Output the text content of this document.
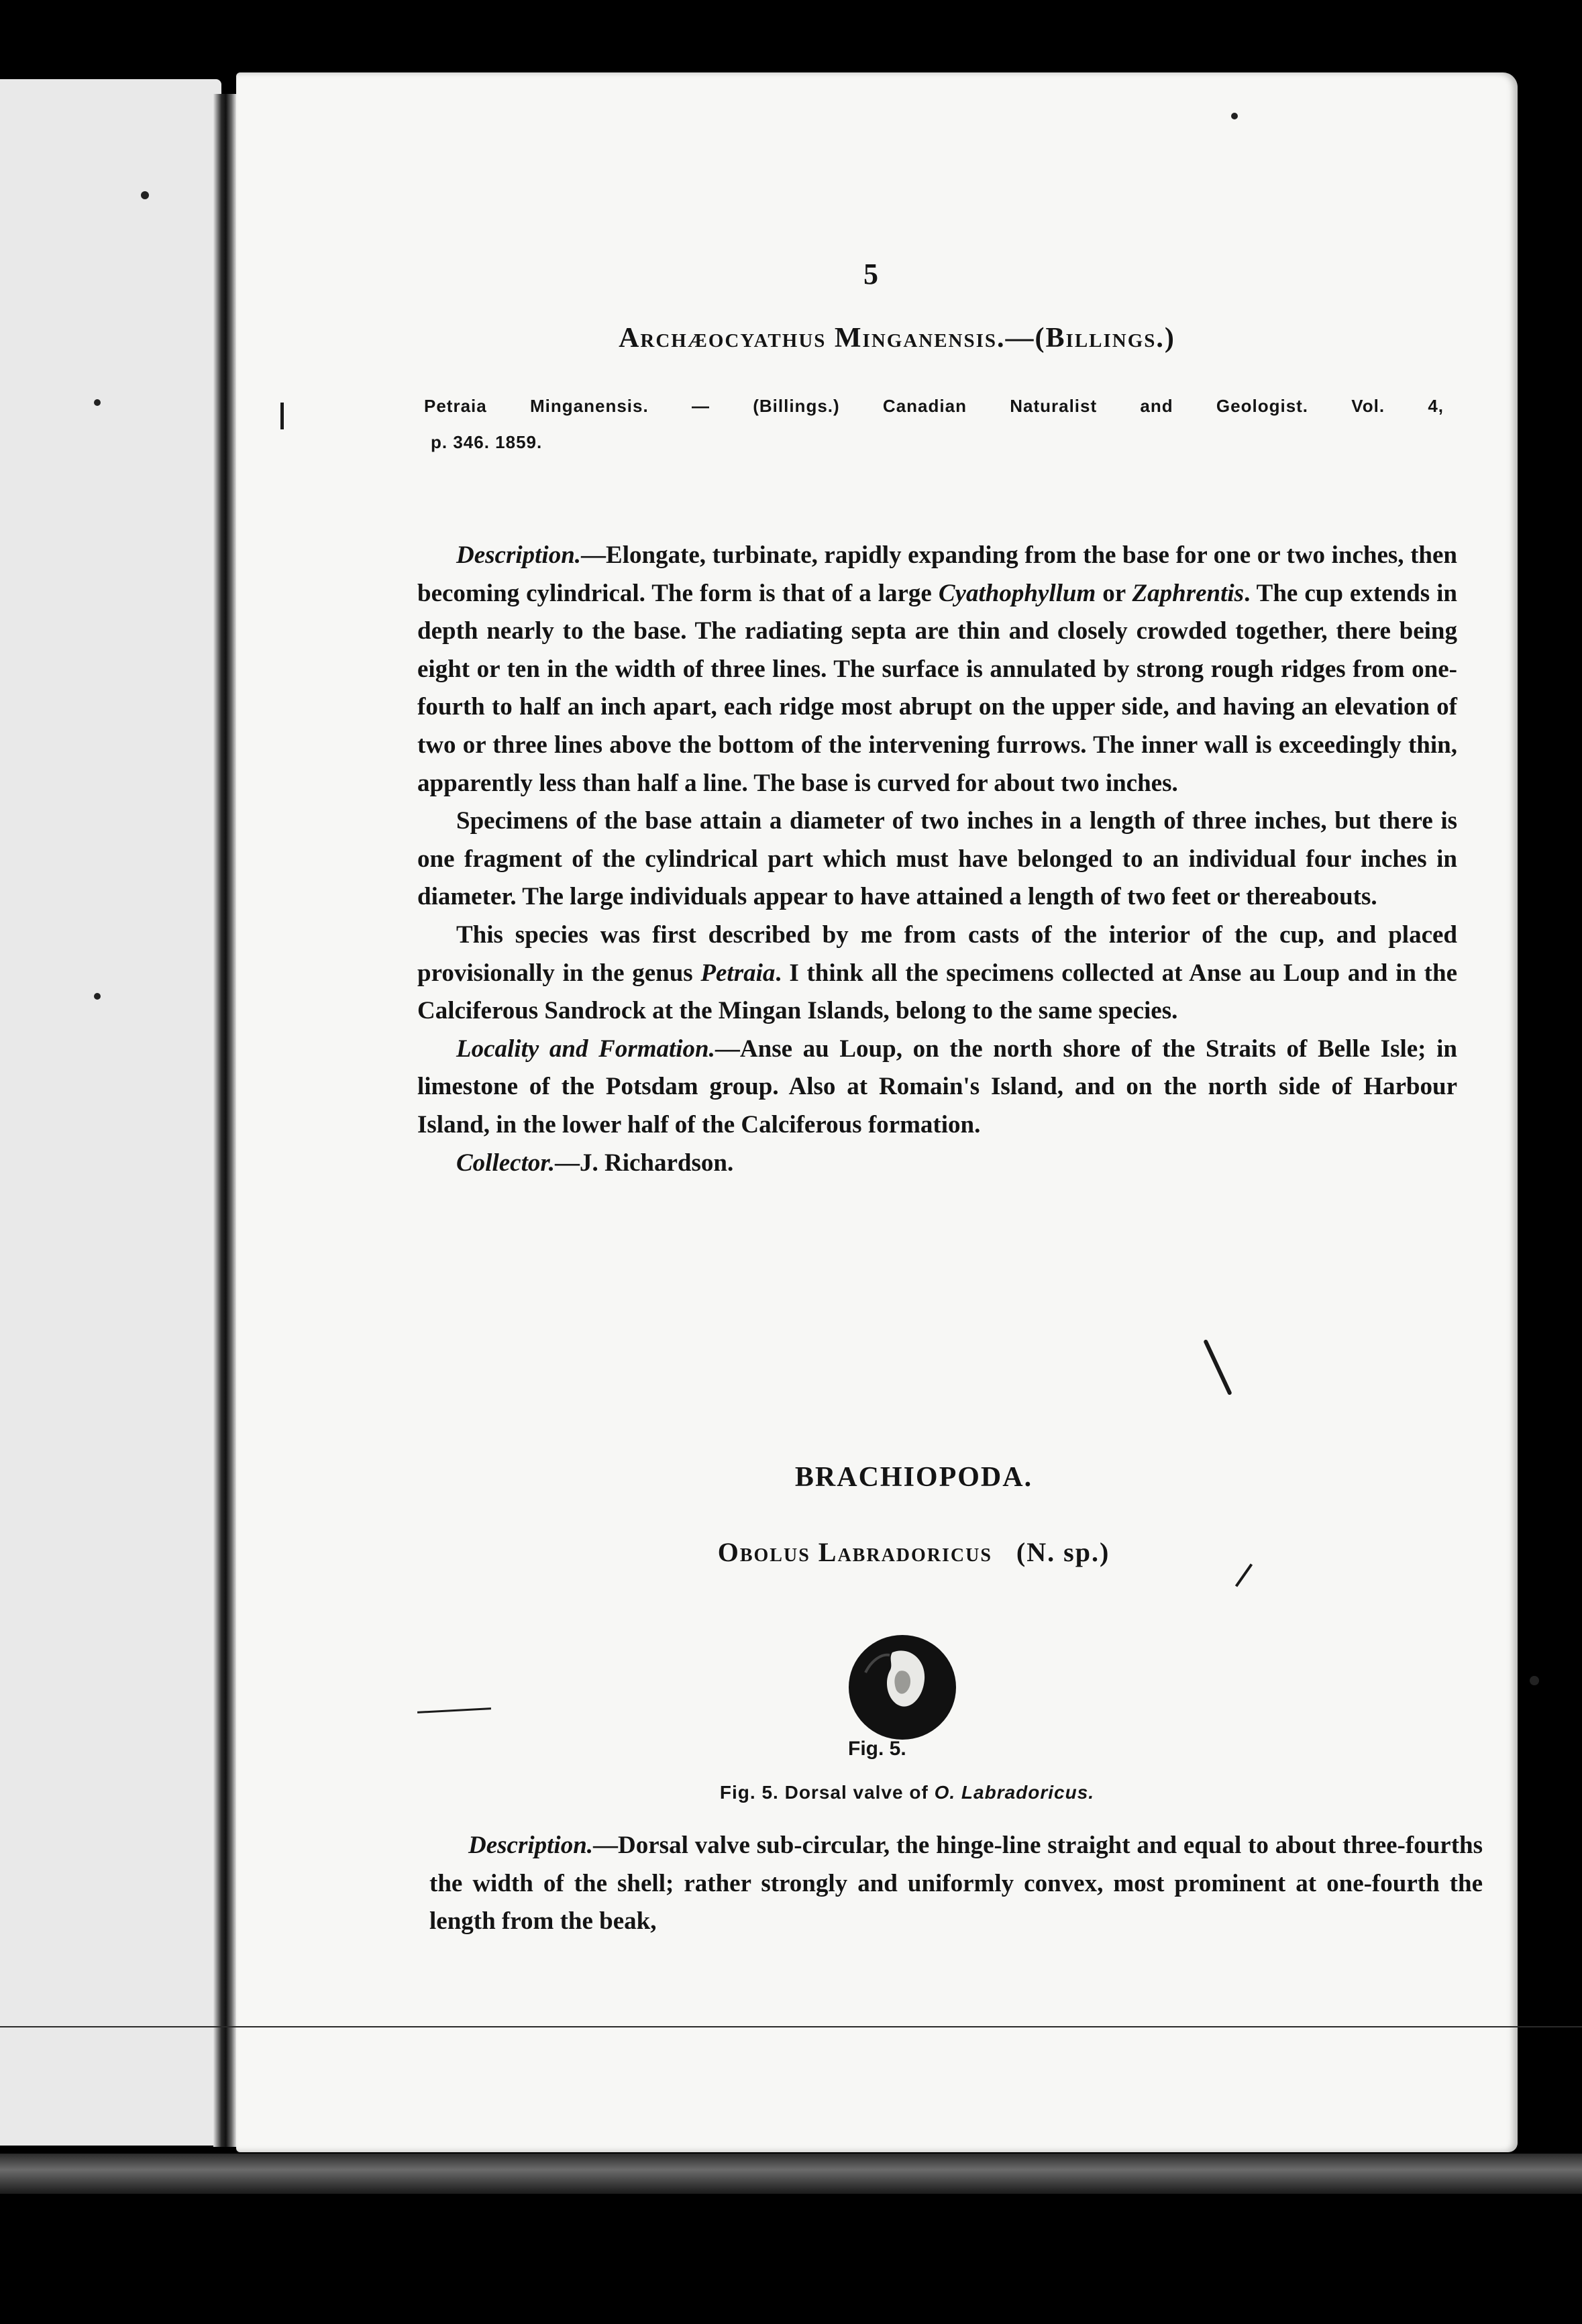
5
Archæocyathus Minganensis.—(Billings.)
Petraia Minganensis. — (Billings.) Canadian Naturalist and Geologist. Vol. 4,
p. 346. 1859.

Description.—Elongate, turbinate, rapidly expanding from the base for one or two inches, then becoming cylindrical. The form is that of a large Cyathophyllum or Zaphrentis. The cup extends in depth nearly to the base. The radiating septa are thin and closely crowded together, there being eight or ten in the width of three lines. The surface is annulated by strong rough ridges from one-fourth to half an inch apart, each ridge most abrupt on the upper side, and having an elevation of two or three lines above the bottom of the intervening furrows. The inner wall is exceedingly thin, apparently less than half a line. The base is curved for about two inches.

Specimens of the base attain a diameter of two inches in a length of three inches, but there is one fragment of the cylindrical part which must have belonged to an individual four inches in diameter. The large individuals appear to have attained a length of two feet or thereabouts.

This species was first described by me from casts of the interior of the cup, and placed provisionally in the genus Petraia. I think all the specimens collected at Anse au Loup and in the Calciferous Sandrock at the Mingan Islands, belong to the same species.

Locality and Formation.—Anse au Loup, on the north shore of the Straits of Belle Isle; in limestone of the Potsdam group. Also at Romain's Island, and on the north side of Harbour Island, in the lower half of the Calciferous formation.

Collector.—J. Richardson.

BRACHIOPODA.
Obolus Labradoricus (N. sp.)
Fig. 5.
Fig. 5. Dorsal valve of O. Labradoricus.

Description.—Dorsal valve sub-circular, the hinge-line straight and equal to about three-fourths the width of the shell; rather strongly and uniformly convex, most prominent at one-fourth the length from the beak,
